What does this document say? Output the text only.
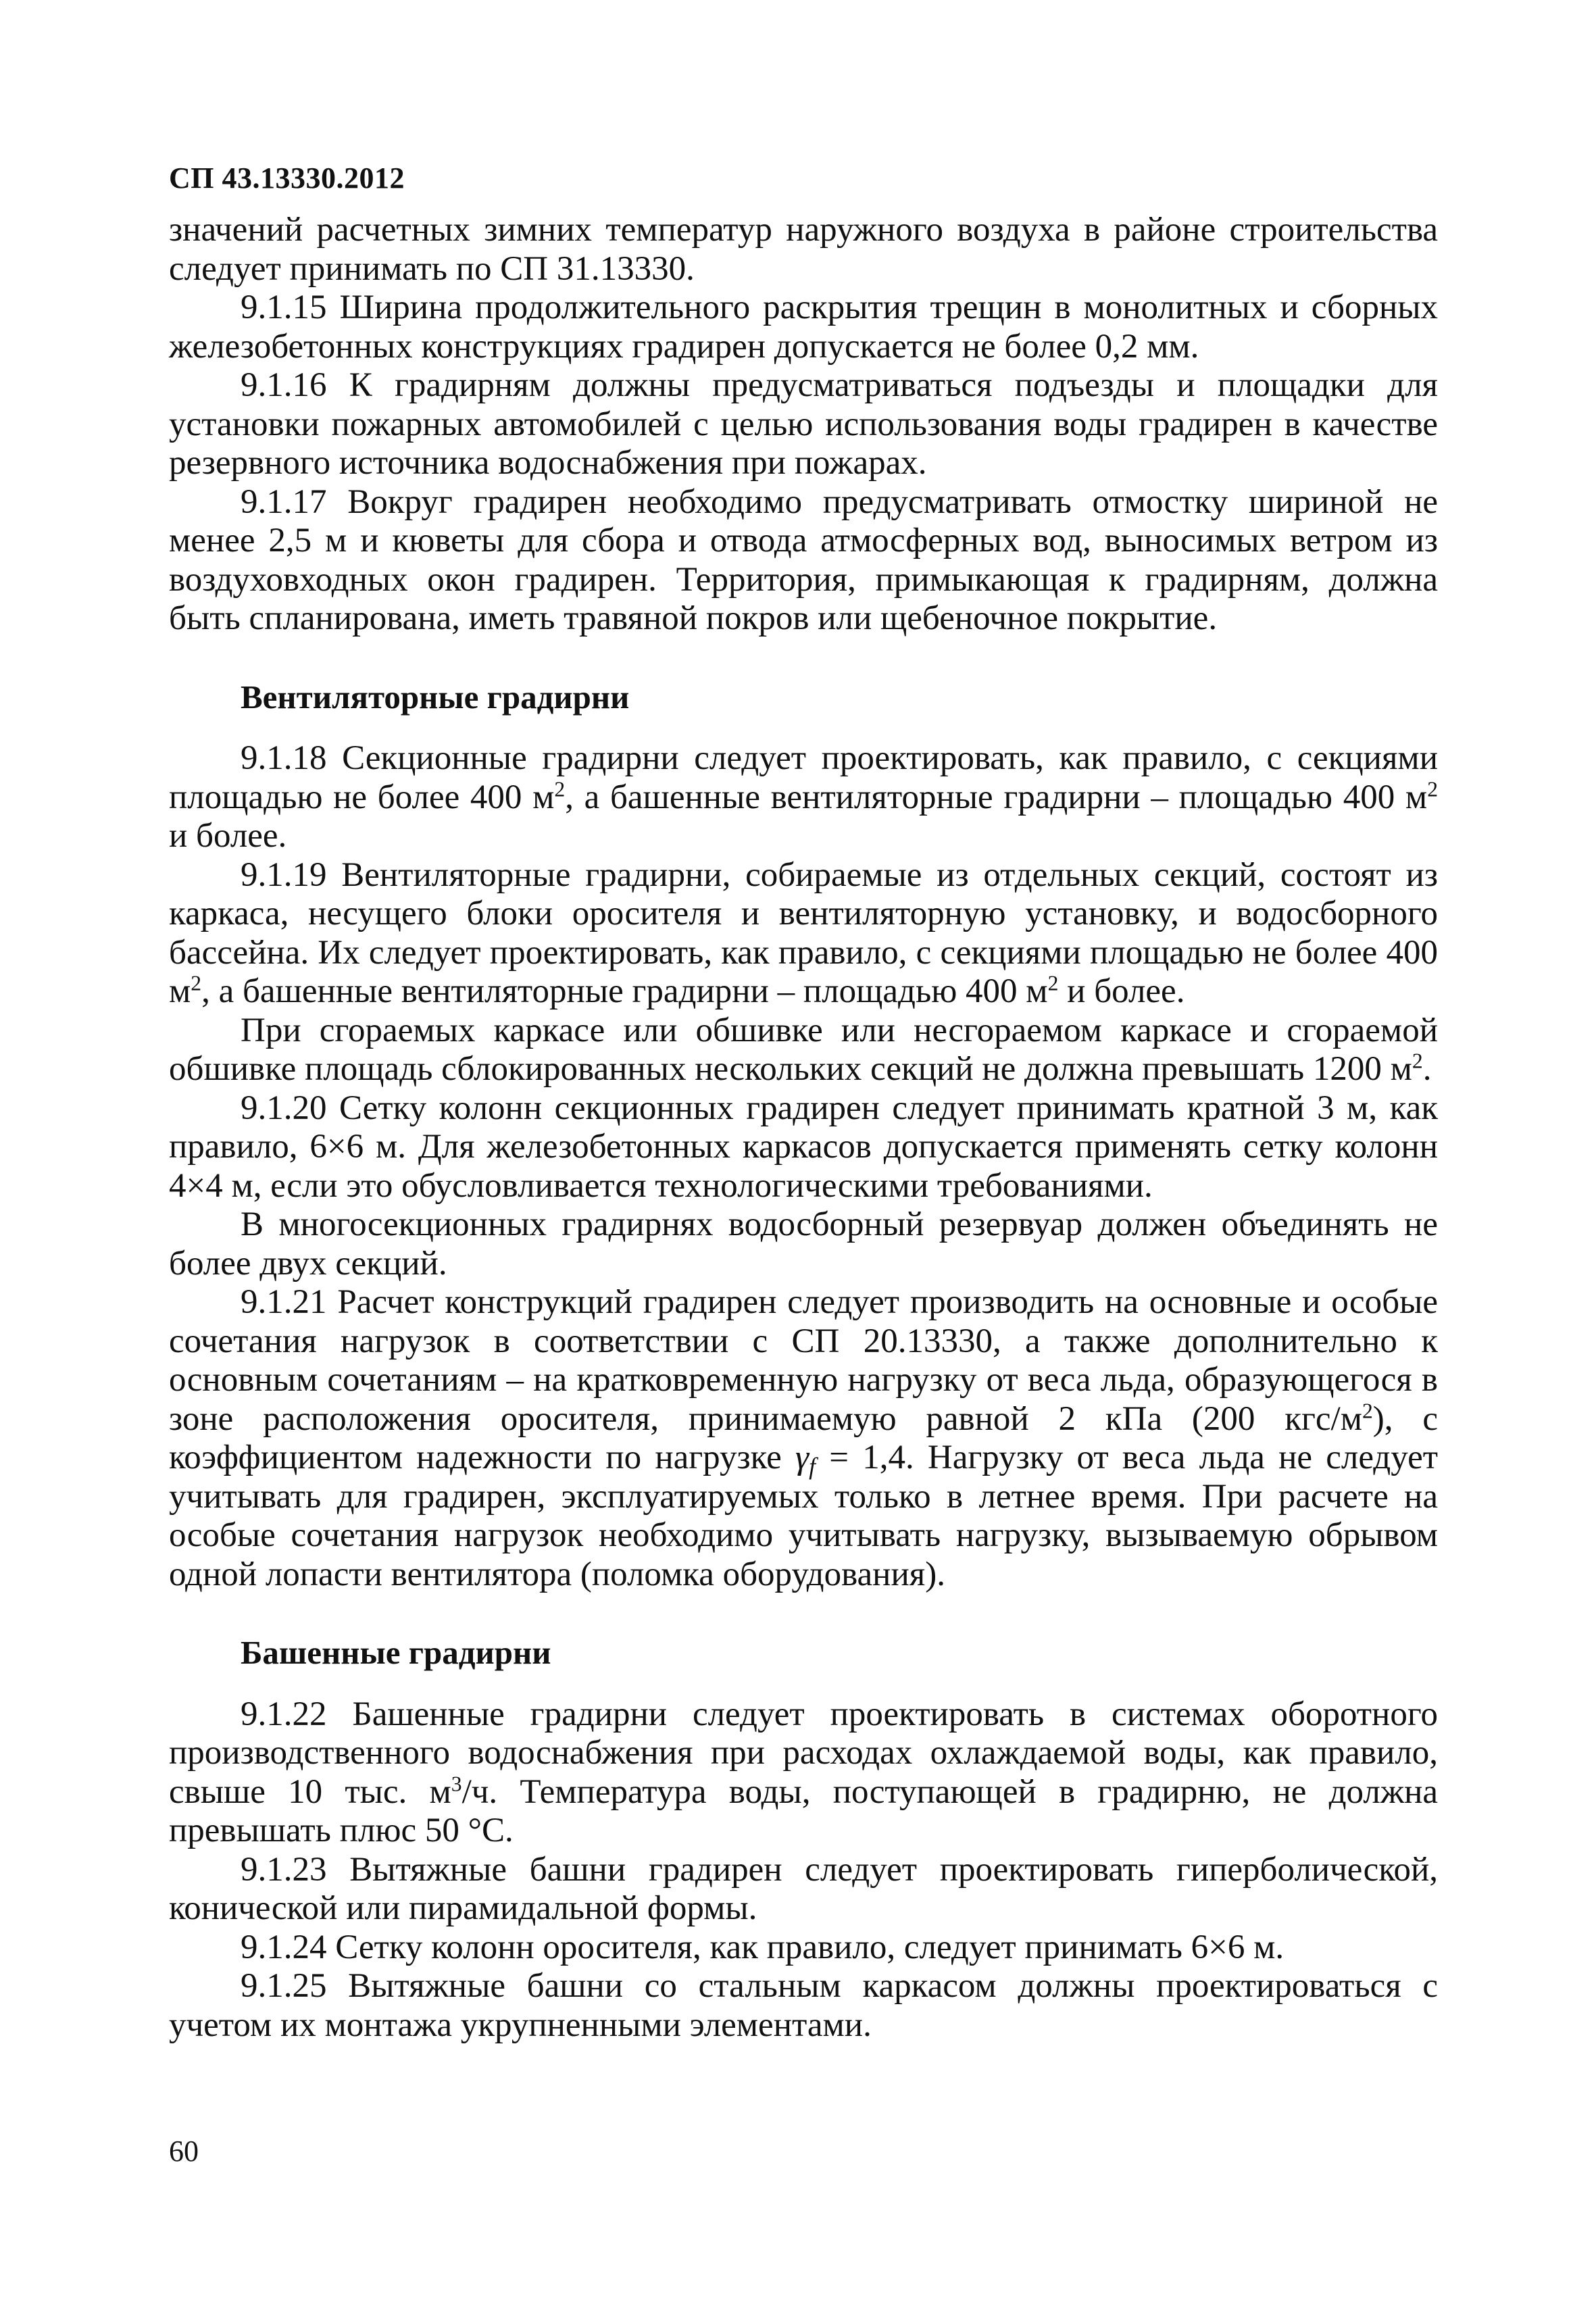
СП 43.13330.2012

значений расчетных зимних температур наружного воздуха в районе строительства следует принимать по СП 31.13330.

9.1.15 Ширина продолжительного раскрытия трещин в монолитных и сборных железобетонных конструкциях градирен допускается не более 0,2 мм.

9.1.16 К градирням должны предусматриваться подъезды и площадки для установки пожарных автомобилей с целью использования воды градирен в качестве резервного источника водоснабжения при пожарах.

9.1.17 Вокруг градирен необходимо предусматривать отмостку шириной не менее 2,5 м и кюветы для сбора и отвода атмосферных вод, выносимых ветром из воздуховходных окон градирен. Территория, примыкающая к градирням, должна быть спланирована, иметь травяной покров или щебеночное покрытие.

Вентиляторные градирни

9.1.18 Секционные градирни следует проектировать, как правило, с секциями площадью не более 400 $м^2$, а башенные вентиляторные градирни – площадью 400 $м^2$ и более.

9.1.19 Вентиляторные градирни, собираемые из отдельных секций, состоят из каркаса, несущего блоки оросителя и вентиляторную установку, и водосборного бассейна. Их следует проектировать, как правило, с секциями площадью не более 400 $м^2$, а башенные вентиляторные градирни – площадью 400 $м^2$ и более.

При сгораемых каркасе или обшивке или несгораемом каркасе и сгораемой обшивке площадь сблокированных нескольких секций не должна превышать 1200 $м^2$.

9.1.20 Сетку колонн секционных градирен следует принимать кратной 3 м, как правило, 6×6 м. Для железобетонных каркасов допускается применять сетку колонн 4×4 м, если это обусловливается технологическими требованиями.

В многосекционных градирнях водосборный резервуар должен объединять не более двух секций.

9.1.21 Расчет конструкций градирен следует производить на основные и особые сочетания нагрузок в соответствии с СП 20.13330, а также дополнительно к основным сочетаниям – на кратковременную нагрузку от веса льда, образующегося в зоне расположения оросителя, принимаемую равной 2 кПа (200 кгс/$м^2$), с коэффициентом надежности по нагрузке $\gamma_f = 1,4$. Нагрузку от веса льда не следует учитывать для градирен, эксплуатируемых только в летнее время. При расчете на особые сочетания нагрузок необходимо учитывать нагрузку, вызываемую обрывом одной лопасти вентилятора (поломка оборудования).

Башенные градирни

9.1.22 Башенные градирни следует проектировать в системах оборотного производственного водоснабжения при расходах охлаждаемой воды, как правило, свыше 10 тыс. $м^3/ч$. Температура воды, поступающей в градирню, не должна превышать плюс 50 °С.

9.1.23 Вытяжные башни градирен следует проектировать гиперболической, конической или пирамидальной формы.

9.1.24 Сетку колонн оросителя, как правило, следует принимать 6×6 м.

9.1.25 Вытяжные башни со стальным каркасом должны проектироваться с учетом их монтажа укрупненными элементами.

60
